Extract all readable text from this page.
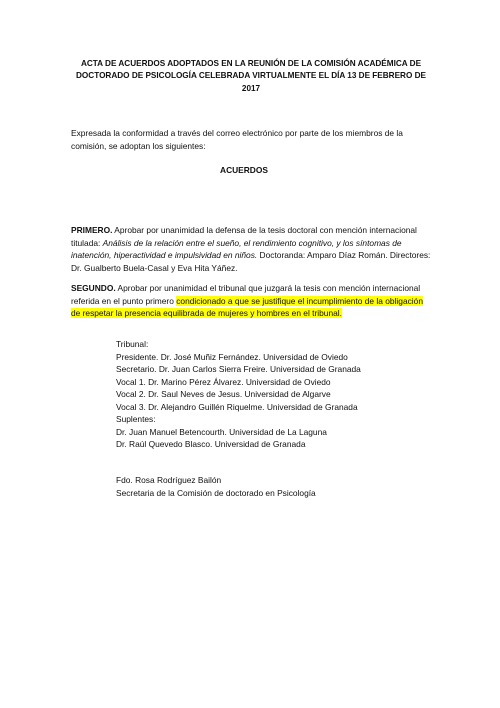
ACTA DE ACUERDOS ADOPTADOS EN LA REUNIÓN DE LA COMISIÓN ACADÉMICA DE DOCTORADO DE PSICOLOGÍA CELEBRADA VIRTUALMENTE EL DÍA 13 DE FEBRERO DE 2017

Expresada la conformidad a través del correo electrónico por parte de los miembros de la comisión, se adoptan los siguientes:

ACUERDOS

PRIMERO. Aprobar por unanimidad la defensa de la tesis doctoral con mención internacional titulada: Análisis de la relación entre el sueño, el rendimiento cognitivo, y los síntomas de inatención, hiperactividad e impulsividad en niños. Doctoranda: Amparo Díaz Román. Directores: Dr. Gualberto Buela-Casal y Eva Hita Yáñez.

SEGUNDO. Aprobar por unanimidad el tribunal que juzgará la tesis con mención internacional referida en el punto primero condicionado a que se justifique el incumplimiento de la obligación de respetar la presencia equilibrada de mujeres y hombres en el tribunal.

Tribunal:
Presidente. Dr. José Muñiz Fernández. Universidad de Oviedo
Secretario. Dr. Juan Carlos Sierra Freire. Universidad de Granada
Vocal 1. Dr. Marino Pérez Álvarez. Universidad de Oviedo
Vocal 2. Dr. Saul Neves de Jesus. Universidad de Algarve
Vocal 3. Dr. Alejandro Guillén Riquelme. Universidad de Granada
Suplentes:
Dr. Juan Manuel Betencourth. Universidad de La Laguna
Dr. Raúl Quevedo Blasco. Universidad de Granada
Fdo. Rosa Rodríguez Bailón
Secretaria de la Comisión de doctorado en Psicología
